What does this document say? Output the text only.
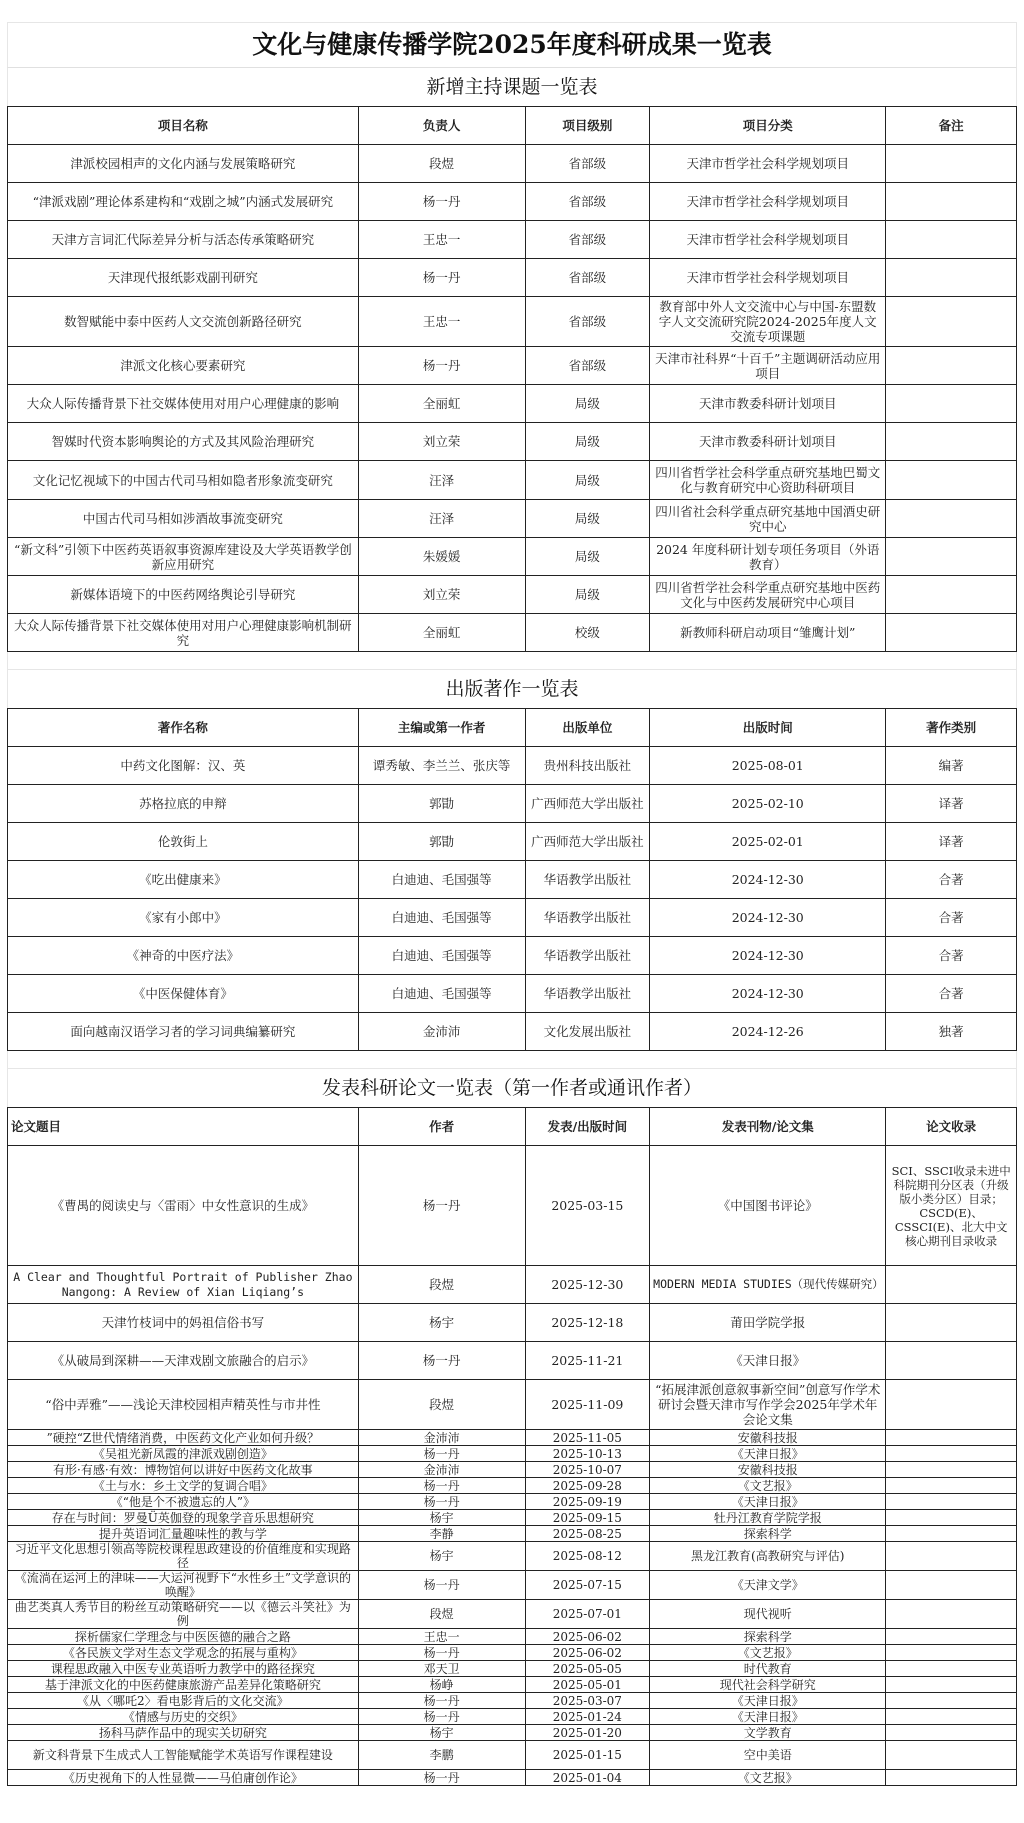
文化与健康传播学院2025年度科研成果一览表
新增主持课题一览表
项目名称	负责人	项目级别	项目分类	备注
津派校园相声的文化内涵与发展策略研究	段煜	省部级	天津市哲学社会科学规划项目	
“津派戏剧”理论体系建构和“戏剧之城”内涵式发展研究	杨一丹	省部级	天津市哲学社会科学规划项目	
天津方言词汇代际差异分析与活态传承策略研究	王忠一	省部级	天津市哲学社会科学规划项目	
天津现代报纸影戏副刊研究	杨一丹	省部级	天津市哲学社会科学规划项目	
数智赋能中泰中医药人文交流创新路径研究	王忠一	省部级	教育部中外人文交流中心与中国-东盟数字人文交流研究院2024-2025年度人文交流专项课题	
津派文化核心要素研究	杨一丹	省部级	天津市社科界“十百千”主题调研活动应用项目	
大众人际传播背景下社交媒体使用对用户心理健康的影响	全丽虹	局级	天津市教委科研计划项目	
智媒时代资本影响舆论的方式及其风险治理研究	刘立荣	局级	天津市教委科研计划项目	
文化记忆视域下的中国古代司马相如隐者形象流变研究	汪泽	局级	四川省哲学社会科学重点研究基地巴蜀文化与教育研究中心资助科研项目	
中国古代司马相如涉酒故事流变研究	汪泽	局级	四川省社会科学重点研究基地中国酒史研究中心	
“新文科”引领下中医药英语叙事资源库建设及大学英语教学创新应用研究	朱媛媛	局级	2024 年度科研计划专项任务项目（外语教育）	
新媒体语境下的中医药网络舆论引导研究	刘立荣	局级	四川省哲学社会科学重点研究基地中医药文化与中医药发展研究中心项目	
大众人际传播背景下社交媒体使用对用户心理健康影响机制研究	全丽虹	校级	新教师科研启动项目“雏鹰计划”	
出版著作一览表
著作名称	主编或第一作者	出版单位	出版时间	著作类别
中药文化图解：汉、英	谭秀敏、李兰兰、张庆等	贵州科技出版社	2025-08-01	编著
苏格拉底的申辩	郭勖	广西师范大学出版社	2025-02-10	译著
伦敦街上	郭勖	广西师范大学出版社	2025-02-01	译著
《吃出健康来》	白迪迪、毛国强等	华语教学出版社	2024-12-30	合著
《家有小郎中》	白迪迪、毛国强等	华语教学出版社	2024-12-30	合著
《神奇的中医疗法》	白迪迪、毛国强等	华语教学出版社	2024-12-30	合著
《中医保健体育》	白迪迪、毛国强等	华语教学出版社	2024-12-30	合著
面向越南汉语学习者的学习词典编纂研究	金沛沛	文化发展出版社	2024-12-26	独著
发表科研论文一览表（第一作者或通讯作者）
论文题目	作者	发表/出版时间	发表刊物/论文集	论文收录
《曹禺的阅读史与〈雷雨〉中女性意识的生成》	杨一丹	2025-03-15	《中国图书评论》	SCI、SSCI收录未进中科院期刊分区表（升级版小类分区）目录；CSCD(E)、CSSCI(E)、北大中文核心期刊目录收录
A Clear and Thoughtful Portrait of Publisher Zhao Nangong: A Review of Xian Liqiang’s	段煜	2025-12-30	MODERN MEDIA STUDIES（现代传媒研究）	
天津竹枝词中的妈祖信俗书写	杨宇	2025-12-18	莆田学院学报	
《从破局到深耕——天津戏剧文旅融合的启示》	杨一丹	2025-11-21	《天津日报》	
“俗中弄雅”——浅论天津校园相声精英性与市井性	段煜	2025-11-09	“拓展津派创意叙事新空间”创意写作学术研讨会暨天津市写作学会2025年学术年会论文集	
”硬控“Z世代情绪消费，中医药文化产业如何升级？	金沛沛	2025-11-05	安徽科技报	
《吴祖光新凤霞的津派戏剧创造》	杨一丹	2025-10-13	《天津日报》	
有形·有感·有效：博物馆何以讲好中医药文化故事	金沛沛	2025-10-07	安徽科技报	
《土与水：乡土文学的复调合唱》	杨一丹	2025-09-28	《文艺报》	
《“他是个不被遗忘的人”》	杨一丹	2025-09-19	《天津日报》	
存在与时间：罗曼Ü英伽登的现象学音乐思想研究	杨宇	2025-09-15	牡丹江教育学院学报	
提升英语词汇量趣味性的教与学	李静	2025-08-25	探索科学	
习近平文化思想引领高等院校课程思政建设的价值维度和实现路径	杨宇	2025-08-12	黑龙江教育(高教研究与评估)	
《流淌在运河上的津味——大运河视野下“水性乡土”文学意识的唤醒》	杨一丹	2025-07-15	《天津文学》	
曲艺类真人秀节目的粉丝互动策略研究——以《德云斗笑社》为例	段煜	2025-07-01	现代视听	
探析儒家仁学理念与中医医德的融合之路	王忠一	2025-06-02	探索科学	
《各民族文学对生态文学观念的拓展与重构》	杨一丹	2025-06-02	《文艺报》	
课程思政融入中医专业英语听力教学中的路径探究	邓天卫	2025-05-05	时代教育	
基于津派文化的中医药健康旅游产品差异化策略研究	杨峥	2025-05-01	现代社会科学研究	
《从〈哪吒2〉看电影背后的文化交流》	杨一丹	2025-03-07	《天津日报》	
《情感与历史的交织》	杨一丹	2025-01-24	《天津日报》	
扬科马萨作品中的现实关切研究	杨宇	2025-01-20	文学教育	
新文科背景下生成式人工智能赋能学术英语写作课程建设	李鹏	2025-01-15	空中美语	
《历史视角下的人性显微——马伯庸创作论》	杨一丹	2025-01-04	《文艺报》	
